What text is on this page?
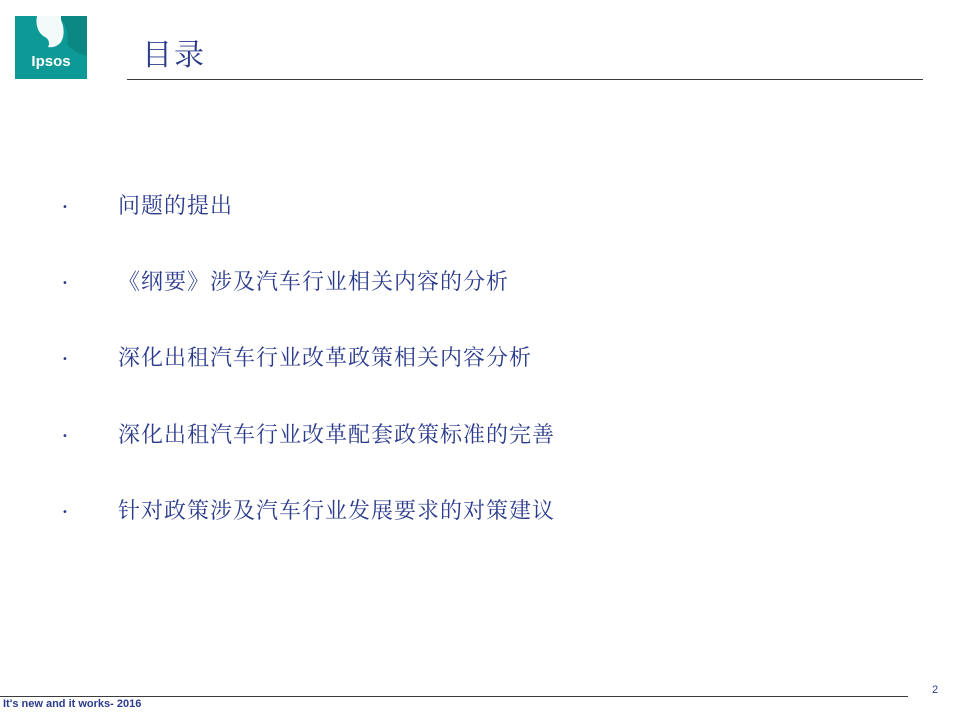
Ipsos	目录
• 问题的提出
• 《纲要》涉及汽车行业相关内容的分析
• 深化出租汽车行业改革政策相关内容分析
• 深化出租汽车行业改革配套政策标准的完善
• 针对政策涉及汽车行业发展要求的对策建议
It's new and it works- 2016
2
